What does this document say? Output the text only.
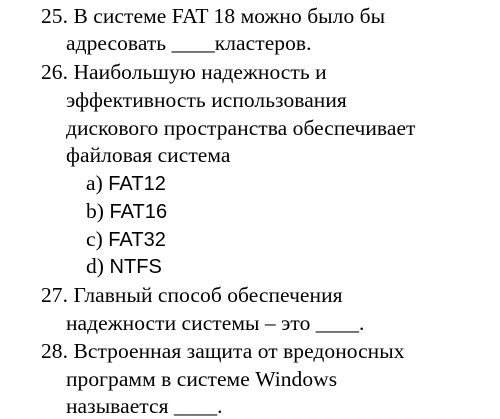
25. В системе FAT 18 можно было бы
адресовать ____кластеров.
26. Наибольшую надежность и
эффективность использования
дискового пространства обеспечивает
файловая система
a) FAT12
b) FAT16
c) FAT32
d) NTFS
27. Главный способ обеспечения
надежности системы – это ____.
28. Встроенная защита от вредоносных
программ в системе Windows
называется ____.
